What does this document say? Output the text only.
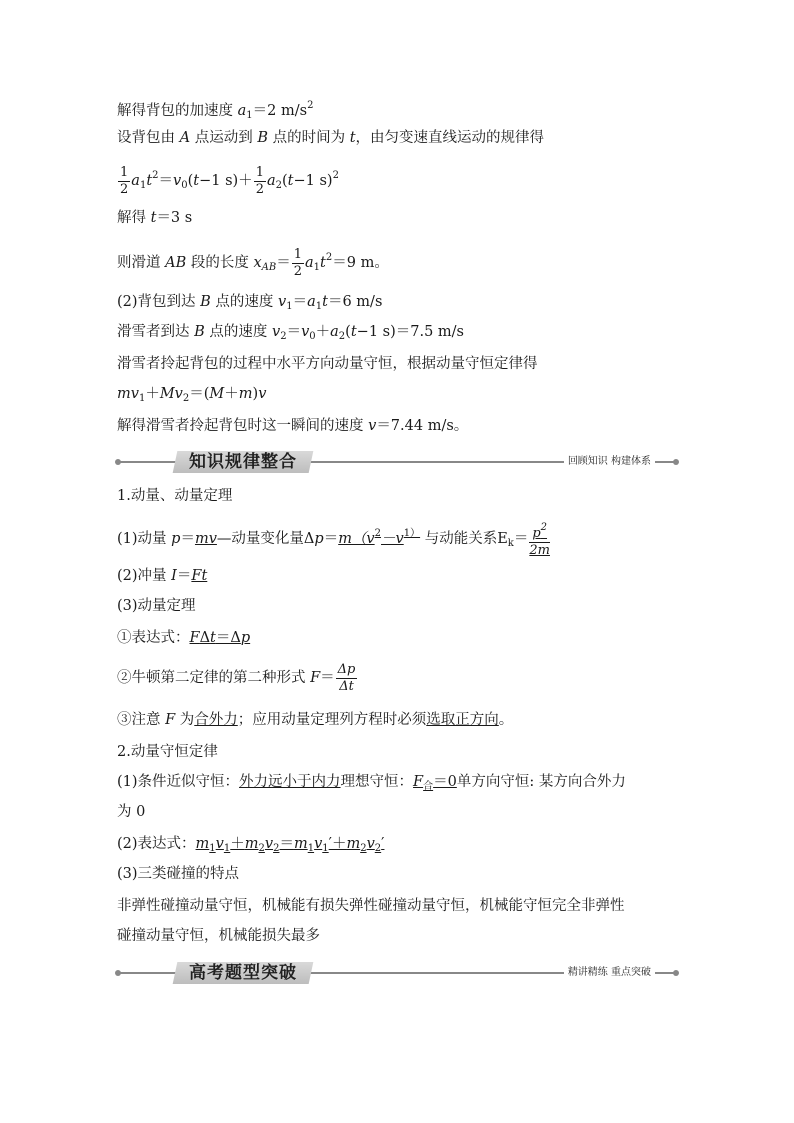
解得背包的加速度 $a_1=2$ $m/s^2$
设背包由 A 点运动到 B 点的时间为 t，由匀变速直线运动的规律得
$\frac{1}{2} a_1t^2=v_0(t-1$ $s)+ \frac{1}{2} a_2(t-1$ s)$^2$
解得 t＝3 s
则滑道 AB 段的长度 $x_{AB}= \frac{1}{2} a_1t^2=9$ m。
(2)背包到达 B 点的速度 $v_1=a_1t=6$ m/s
滑雪者到达 B 点的速度 $v_2=v_0+a_2(t-1$ s)＝7.5 m/s
滑雪者拎起背包的过程中水平方向动量守恒，根据动量守恒定律得
$mv_1+Mv_2=(M+m)v$
解得滑雪者拎起背包时这一瞬间的速度 v＝7.44 m/s。
知识规律整合	回顾知识 构建体系
1.动量、动量定理
(1)动量 p＝mv—动量变化量$\Delta p=m(v^2-v^{1)}$ 与动能关系$E_k= \frac{p^2}{2m}$
(2)冲量 I＝Ft
(3)动量定理
①表达式：FΔt＝Δp
②牛顿第二定律的第二种形式 $F= \frac{\Delta p}{\Delta t}$
③注意 F 为合外力；应用动量定理列方程时必须选取正方向。
2.动量守恒定律
(1)条件近似守恒：外力远小于内力理想守恒：$F_合=0$单方向守恒: 某方向合外力
为 0
(2)表达式：$m_1v_1+m_2v_2=m_1v_1'+m_2v_2'$
(3)三类碰撞的特点
非弹性碰撞动量守恒，机械能有损失弹性碰撞动量守恒，机械能守恒完全非弹性
碰撞动量守恒，机械能损失最多
高考题型突破	精讲精练 重点突破
